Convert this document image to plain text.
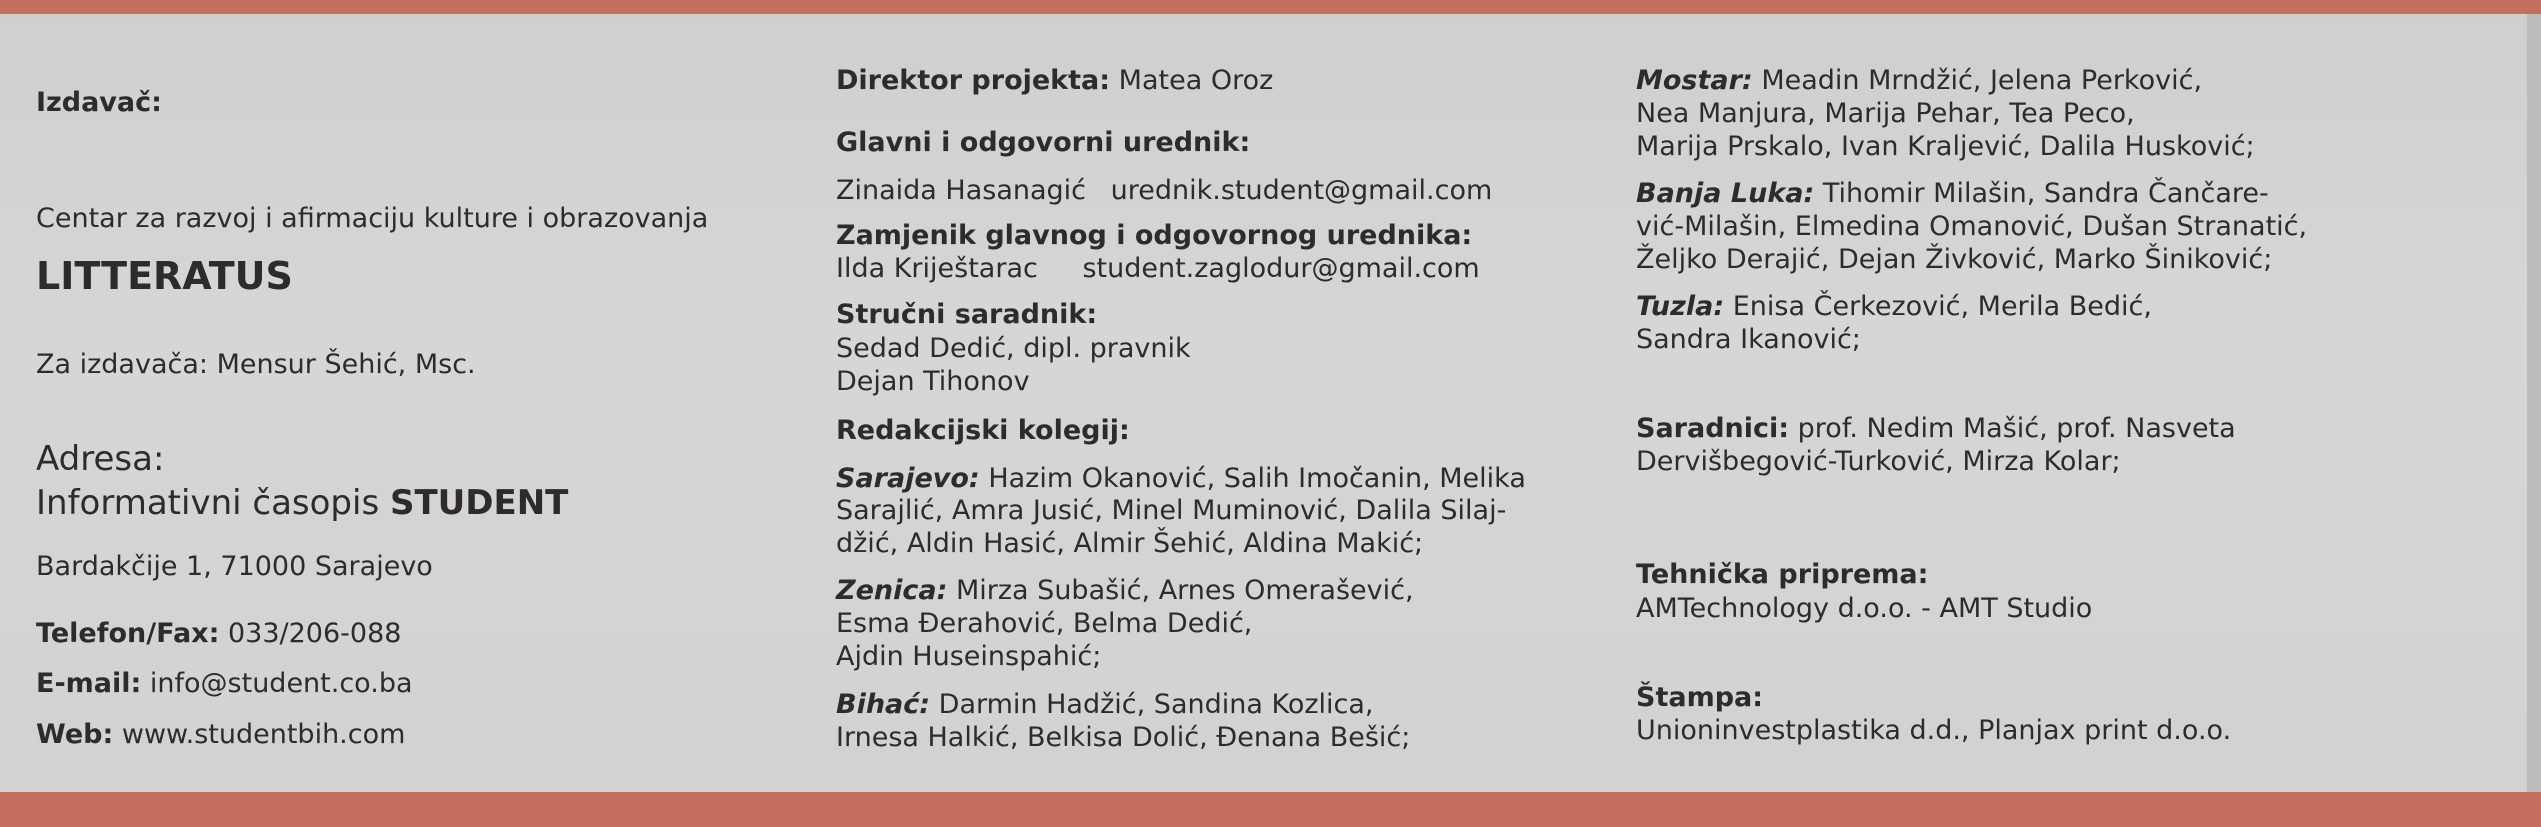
Izdavač:
Centar za razvoj i afirmaciju kulture i obrazovanja
LITTERATUS
Za izdavača: Mensur Šehić, Msc.
Adresa:
Informativni časopis STUDENT
Bardakčije 1, 71000 Sarajevo
Telefon/Fax: 033/206-088
E-mail: info@student.co.ba
Web: www.studentbih.com
Direktor projekta: Matea Oroz
Glavni i odgovorni urednik:
Zinaida Hasanagić urednik.student@gmail.com
Zamjenik glavnog i odgovornog urednika:
Ilda Kriještarac student.zaglodur@gmail.com
Stručni saradnik:
Sedad Dedić, dipl. pravnik
Dejan Tihonov
Redakcijski kolegij:
Sarajevo: Hazim Okanović, Salih Imočanin, Melika
Sarajlić, Amra Jusić, Minel Muminović, Dalila Silaj-
džić, Aldin Hasić, Almir Šehić, Aldina Makić;
Zenica: Mirza Subašić, Arnes Omerašević,
Esma Đerahović, Belma Dedić,
Ajdin Huseinspahić;
Bihać: Darmin Hadžić, Sandina Kozlica,
Irnesa Halkić, Belkisa Dolić, Đenana Bešić;
Mostar: Meadin Mrndžić, Jelena Perković,
Nea Manjura, Marija Pehar, Tea Peco,
Marija Prskalo, Ivan Kraljević, Dalila Husković;
Banja Luka: Tihomir Milašin, Sandra Čančare-
vić-Milašin, Elmedina Omanović, Dušan Stranatić,
Željko Derajić, Dejan Živković, Marko Šiniković;
Tuzla: Enisa Čerkezović, Merila Bedić,
Sandra Ikanović;
Saradnici: prof. Nedim Mašić, prof. Nasveta
Dervišbegović-Turković, Mirza Kolar;
Tehnička priprema:
AMTechnology d.o.o. - AMT Studio
Štampa:
Unioninvestplastika d.d., Planjax print d.o.o.
